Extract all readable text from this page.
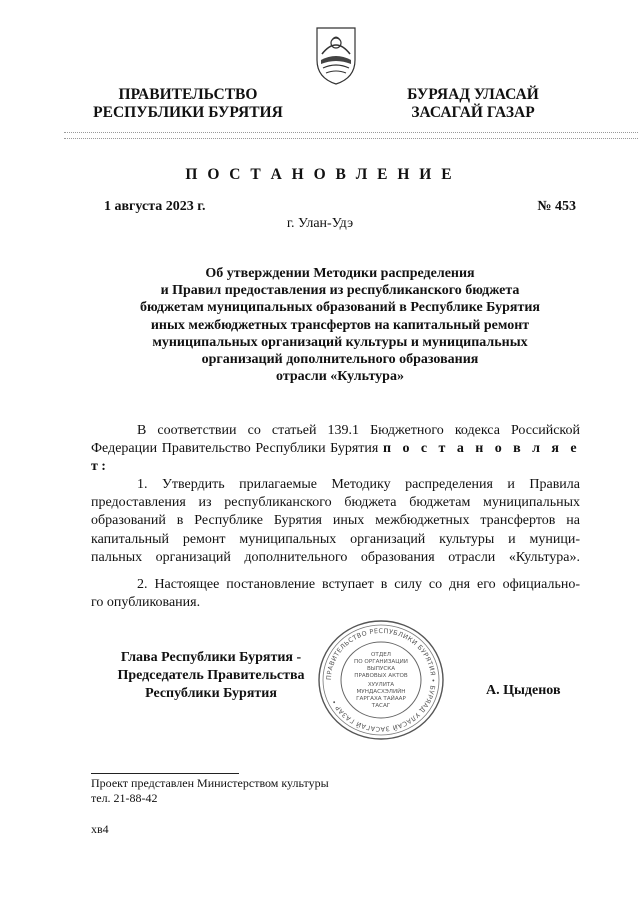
ПРАВИТЕЛЬСТВО
РЕСПУБЛИКИ БУРЯТИЯ
БУРЯАД УЛАСАЙ
ЗАСАГАЙ ГАЗАР
П О С Т А Н О В Л Е Н И Е
1 августа 2023 г.	№ 453
г. Улан-Удэ
Об утверждении Методики распределения
и Правил предоставления из республиканского бюджета
бюджетам муниципальных образований в Республике Бурятия
иных межбюджетных трансфертов на капитальный ремонт
муниципальных организаций культуры и муниципальных
организаций дополнительного образования
отрасли «Культура»
В соответствии со статьей 139.1 Бюджетного кодекса Российской
Федерации Правительство Республики Бурятия п о с т а н о в л я е т:
1. Утвердить прилагаемые Методику распределения и Правила
предоставления из республиканского бюджета бюджетам муниципальных
образований в Республике Бурятия иных межбюджетных трансфертов на
капитальный ремонт муниципальных организаций культуры и муници-
пальных организаций дополнительного образования отрасли «Культура».
2. Настоящее постановление вступает в силу со дня его официально-
го опубликования.
Глава Республики Бурятия -
Председатель Правительства
Республики Бурятия
ПРАВИТЕЛЬСТВО РЕСПУБЛИКИ БУРЯТИЯ • БУРЯАД УЛАСАЙ ЗАСАГАЙ ГАЗАР •
ОТДЕЛ
ПО ОРГАНИЗАЦИИ
ВЫПУСКА
ПРАВОВЫХ АКТОВ
ХУУЛИТА
МУНДАСХЭЛИЙН
ГАРГАХА ТАЙААР
ТАСАГ
А. Цыденов
Проект представлен Министерством культуры
тел. 21-88-42
хв4
